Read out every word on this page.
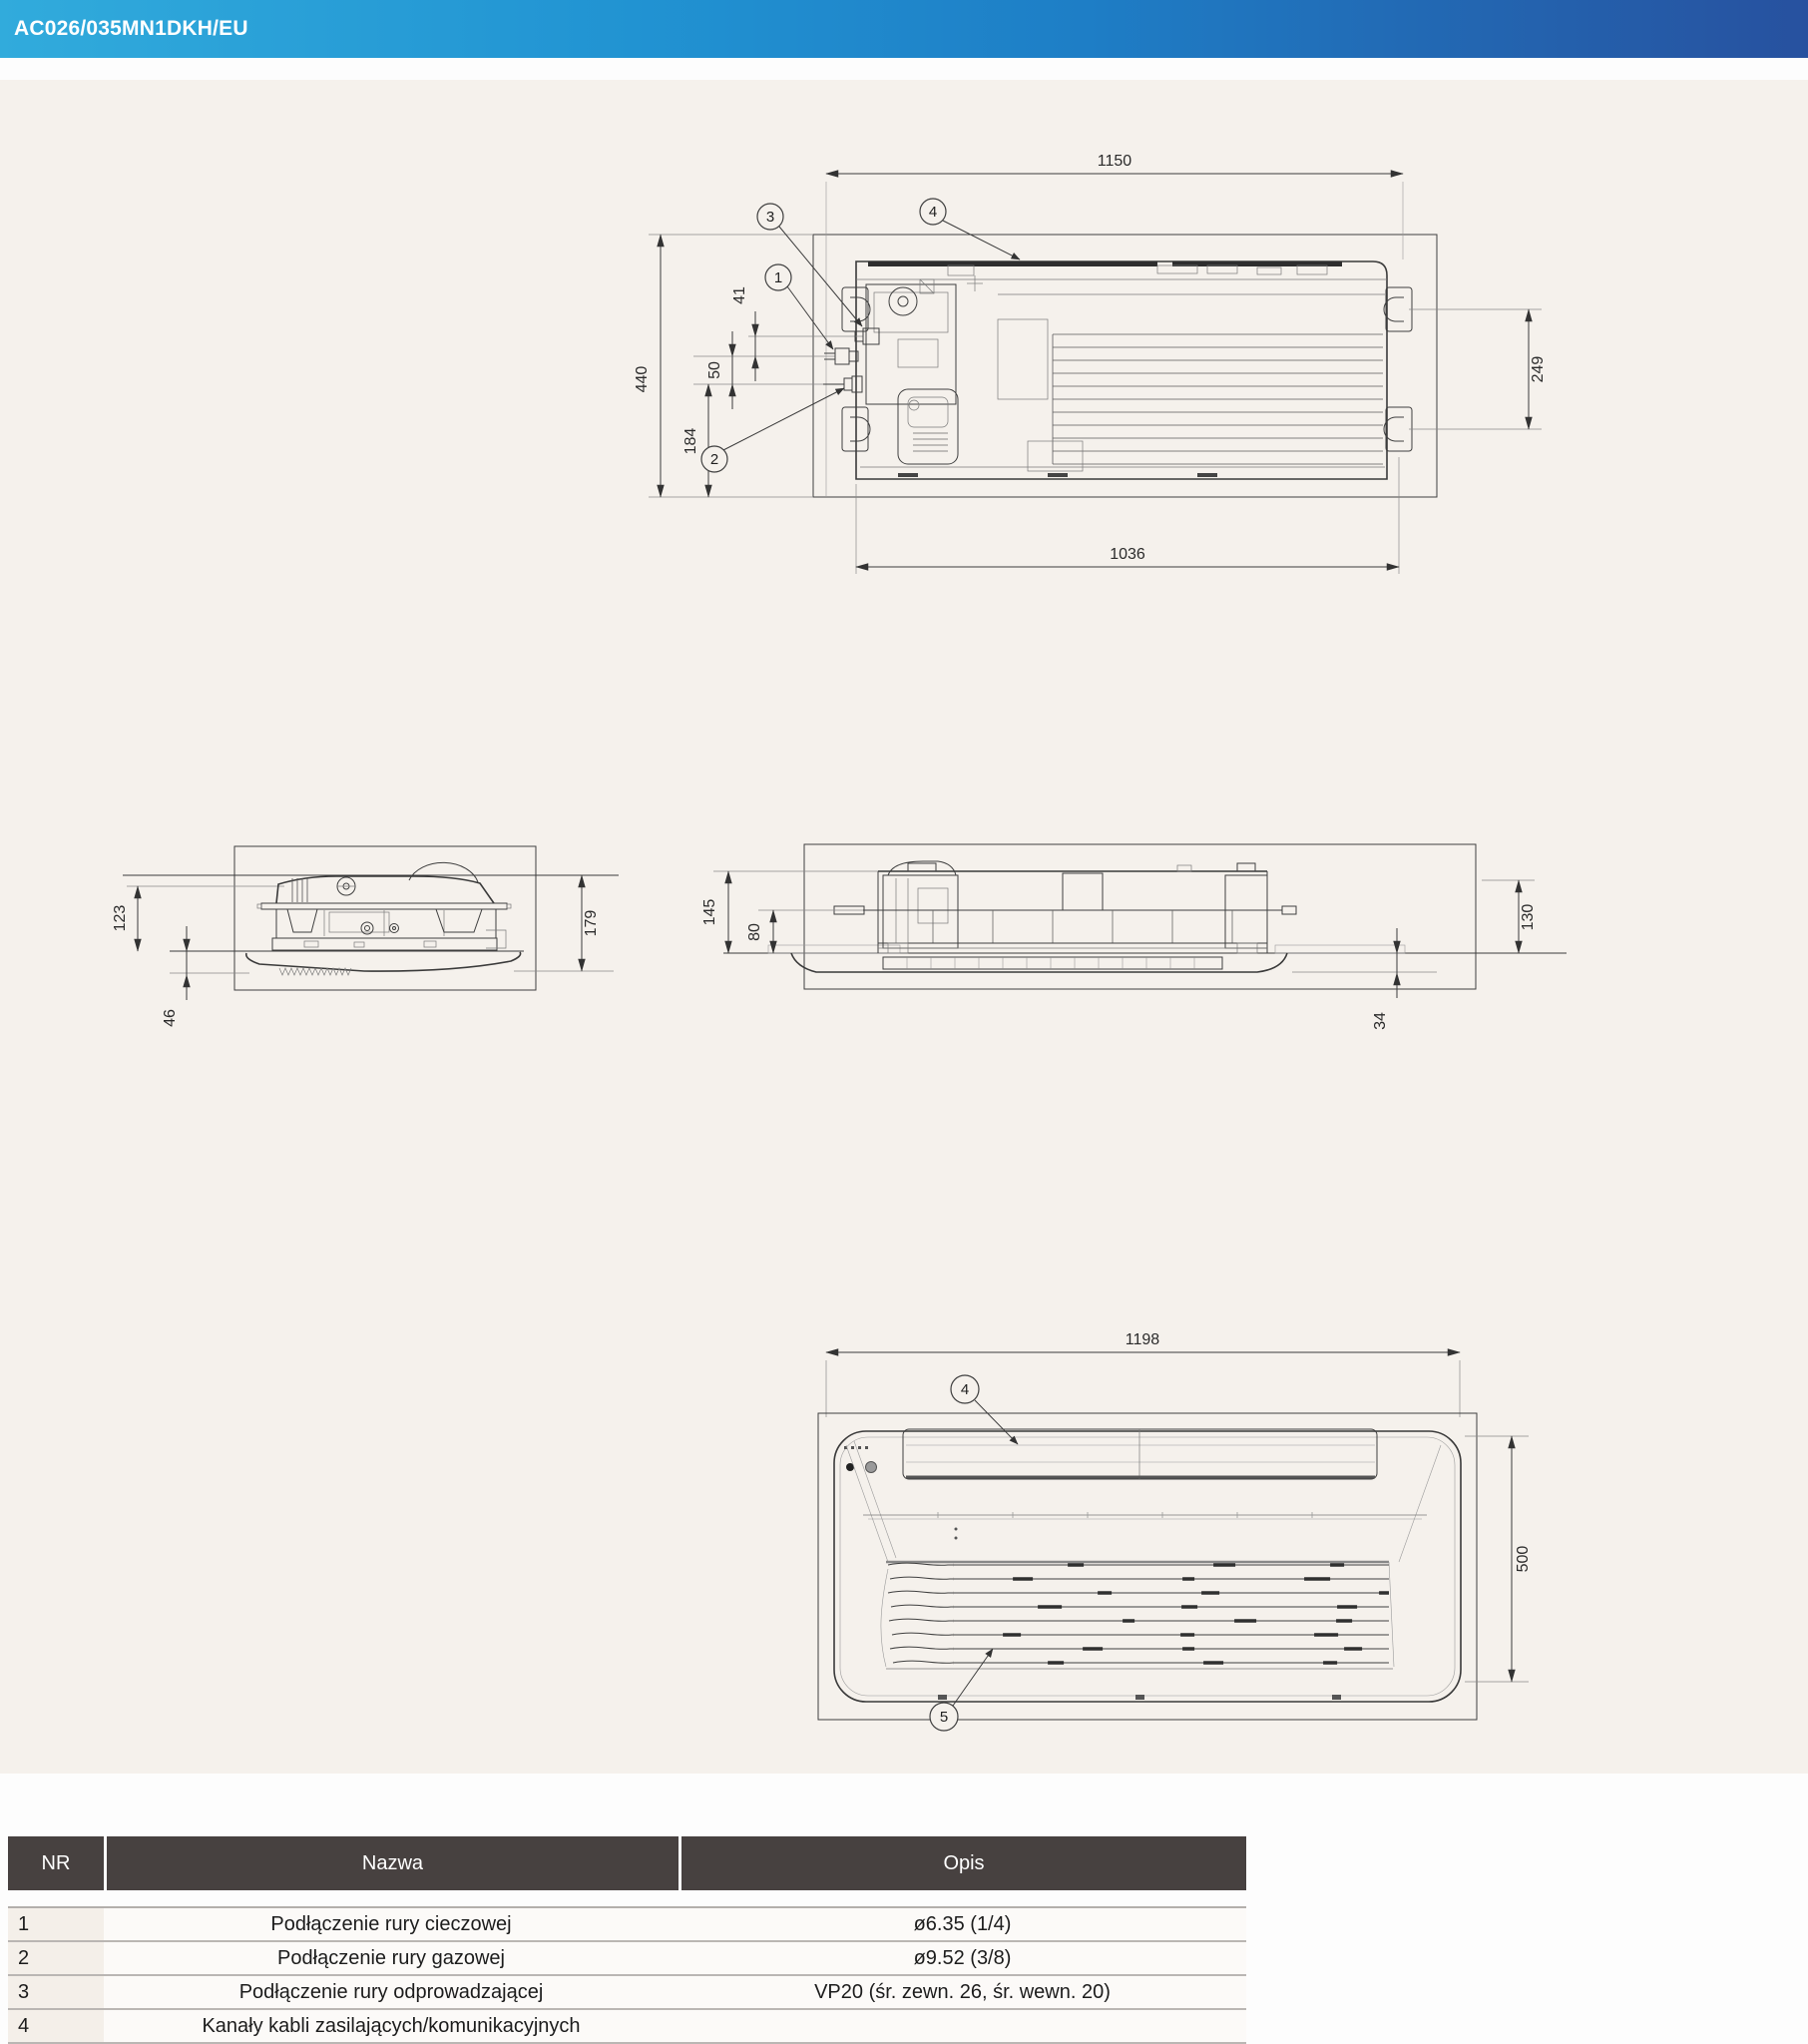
AC026/035MN1DKH/EU
1150
440
41
50
184
249
1036
1
2
3	4
123
46
179	145
80
130
34
1198
500
4
5
NR	Nazwa	Opis
1	Podłączenie rury cieczowej	ø6.35 (1/4)
2	Podłączenie rury gazowej	ø9.52 (3/8)
3	Podłączenie rury odprowadzającej	VP20 (śr. zewn. 26, śr. wewn. 20)
4	Kanały kabli zasilających/komunikacyjnych
